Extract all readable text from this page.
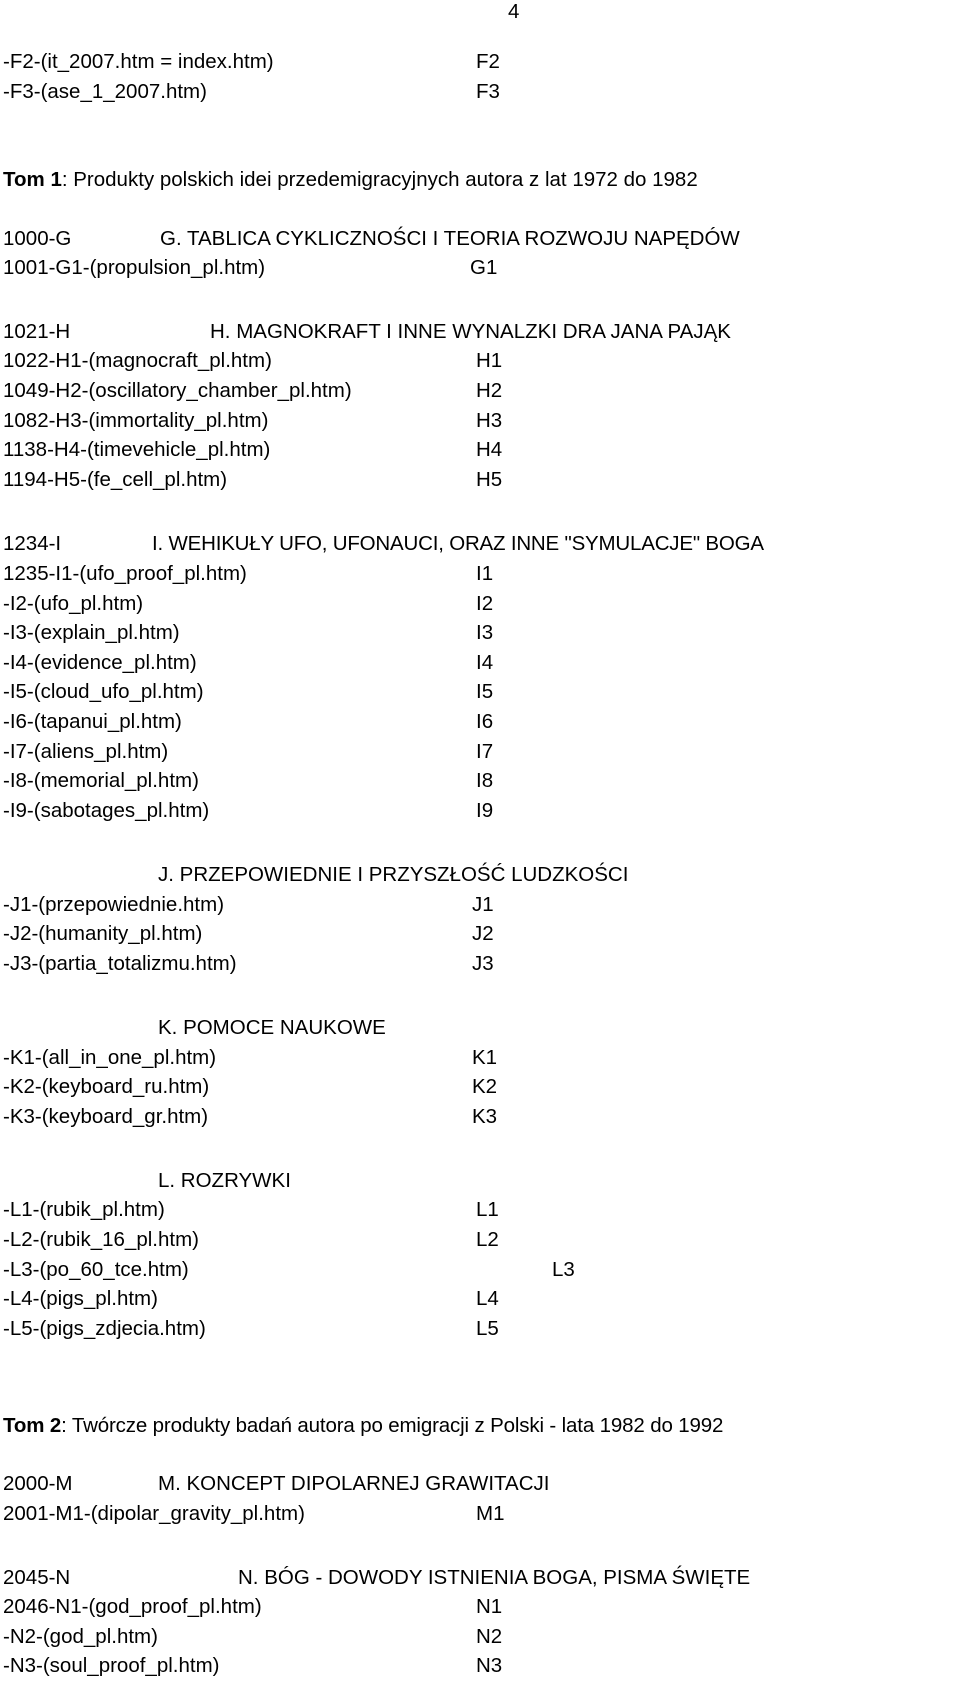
4
-F2-(it_2007.htm = index.htm)	F2
-F3-(ase_1_2007.htm)	F3
Tom 1: Produkty polskich idei przedemigracyjnych autora z lat 1972 do 1982
1000-G	G. TABLICA CYKLICZNOŚCI I TEORIA ROZWOJU NAPĘDÓW
1001-G1-(propulsion_pl.htm)	G1
1021-H	H. MAGNOKRAFT I INNE WYNALZKI DRA JANA PAJĄK
1022-H1-(magnocraft_pl.htm)	H1
1049-H2-(oscillatory_chamber_pl.htm)	H2
1082-H3-(immortality_pl.htm)	H3
1138-H4-(timevehicle_pl.htm)	H4
1194-H5-(fe_cell_pl.htm)	H5
1234-I	I. WEHIKUŁY UFO, UFONAUCI, ORAZ INNE "SYMULACJE" BOGA
1235-I1-(ufo_proof_pl.htm)	I1
-I2-(ufo_pl.htm)	I2
-I3-(explain_pl.htm)	I3
-I4-(evidence_pl.htm)	I4
-I5-(cloud_ufo_pl.htm)	I5
-I6-(tapanui_pl.htm)	I6
-I7-(aliens_pl.htm)	I7
-I8-(memorial_pl.htm)	I8
-I9-(sabotages_pl.htm)	I9
J. PRZEPOWIEDNIE I PRZYSZŁOŚĆ LUDZKOŚCI
-J1-(przepowiednie.htm)	J1
-J2-(humanity_pl.htm)	J2
-J3-(partia_totalizmu.htm)	J3
K. POMOCE NAUKOWE
-K1-(all_in_one_pl.htm)	K1
-K2-(keyboard_ru.htm)	K2
-K3-(keyboard_gr.htm)	K3
L. ROZRYWKI
-L1-(rubik_pl.htm)	L1
-L2-(rubik_16_pl.htm)	L2
-L3-(po_60_tce.htm)	L3
-L4-(pigs_pl.htm)	L4
-L5-(pigs_zdjecia.htm)	L5
Tom 2: Twórcze produkty badań autora po emigracji z Polski - lata 1982 do 1992
2000-M	M. KONCEPT DIPOLARNEJ GRAWITACJI
2001-M1-(dipolar_gravity_pl.htm)	M1
2045-N	N. BÓG - DOWODY ISTNIENIA BOGA, PISMA ŚWIĘTE
2046-N1-(god_proof_pl.htm)	N1
-N2-(god_pl.htm)	N2
-N3-(soul_proof_pl.htm)	N3
